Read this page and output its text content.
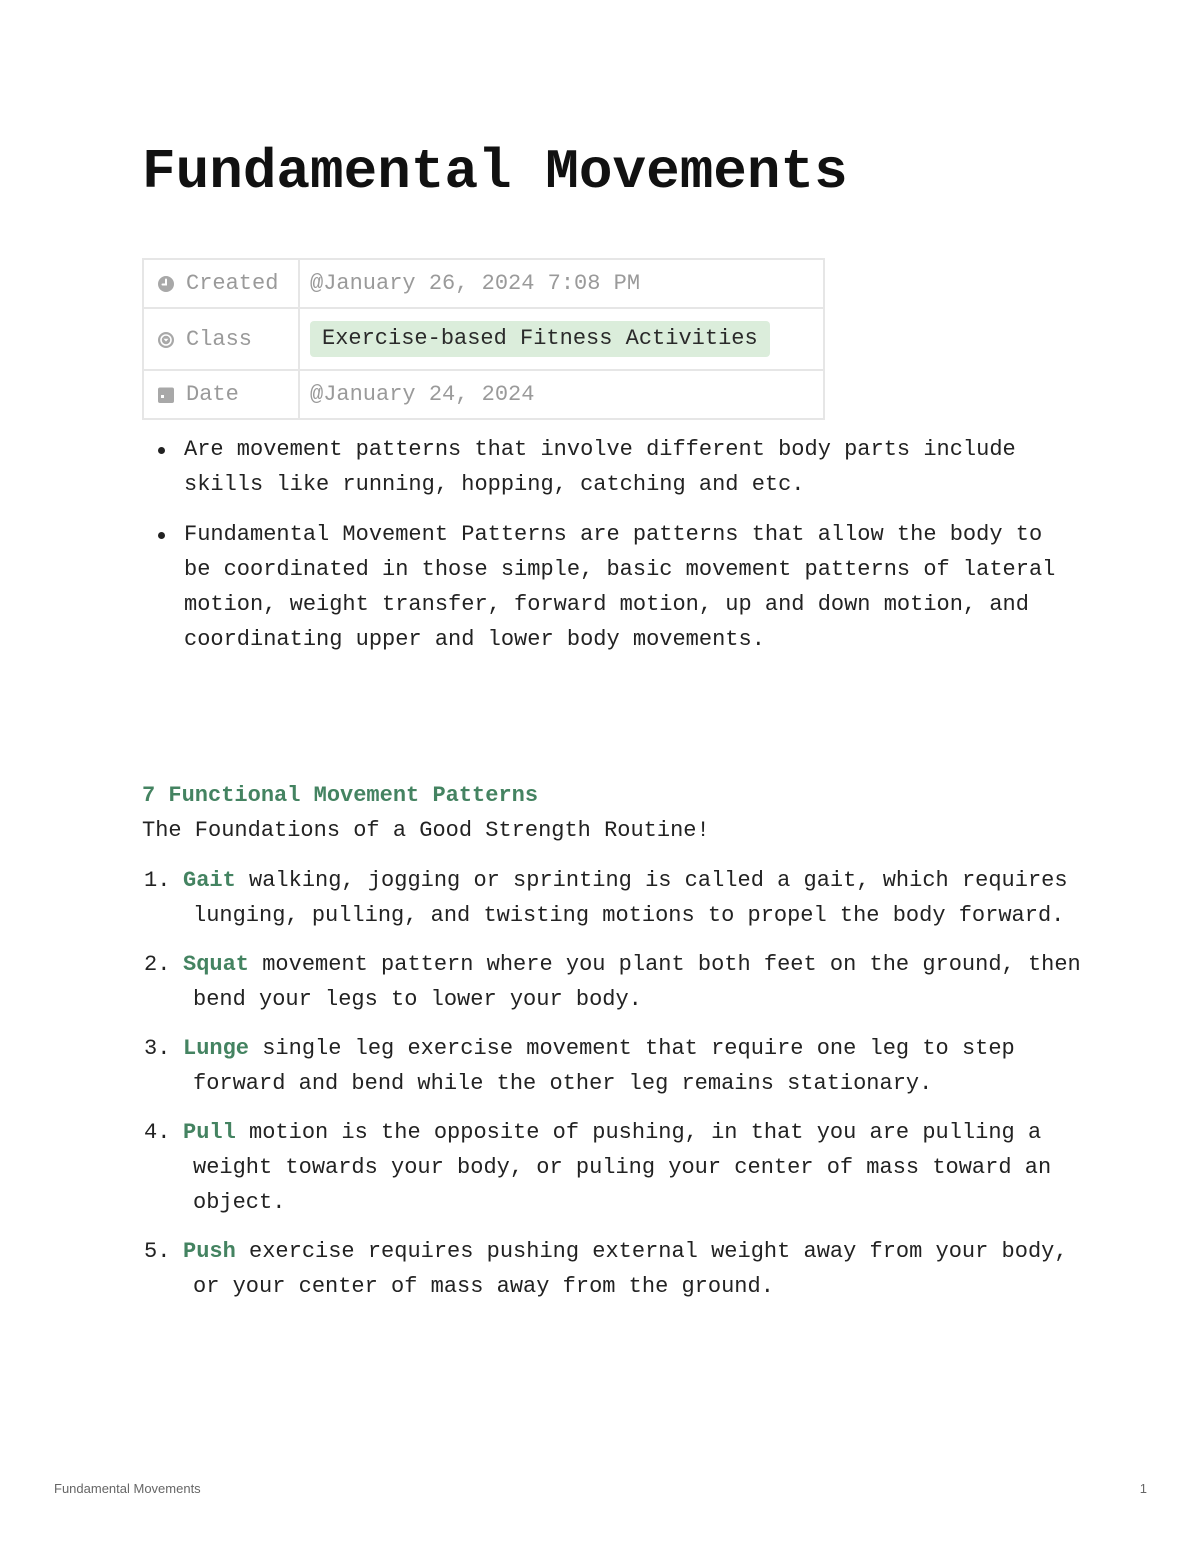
Fundamental Movements
Created	@January 26, 2024 7:08 PM
Class	Exercise-based Fitness Activities
Date	@January 24, 2024
Are movement patterns that involve different body parts include skills like running, hopping, catching and etc.
Fundamental Movement Patterns are patterns that allow the body to be coordinated in those simple, basic movement patterns of lateral motion, weight transfer, forward motion, up and down motion, and coordinating upper and lower body movements.
7 Functional Movement Patterns

The Foundations of a Good Strength Routine!

1. Gait walking, jogging or sprinting is called a gait, which requires lunging, pulling, and twisting motions to propel the body forward.
2. Squat movement pattern where you plant both feet on the ground, then bend your legs to lower your body.
3. Lunge single leg exercise movement that require one leg to step forward and bend while the other leg remains stationary.
4. Pull motion is the opposite of pushing, in that you are pulling a weight towards your body, or puling your center of mass toward an object.
5. Push exercise requires pushing external weight away from your body, or your center of mass away from the ground.
Fundamental Movements	1
